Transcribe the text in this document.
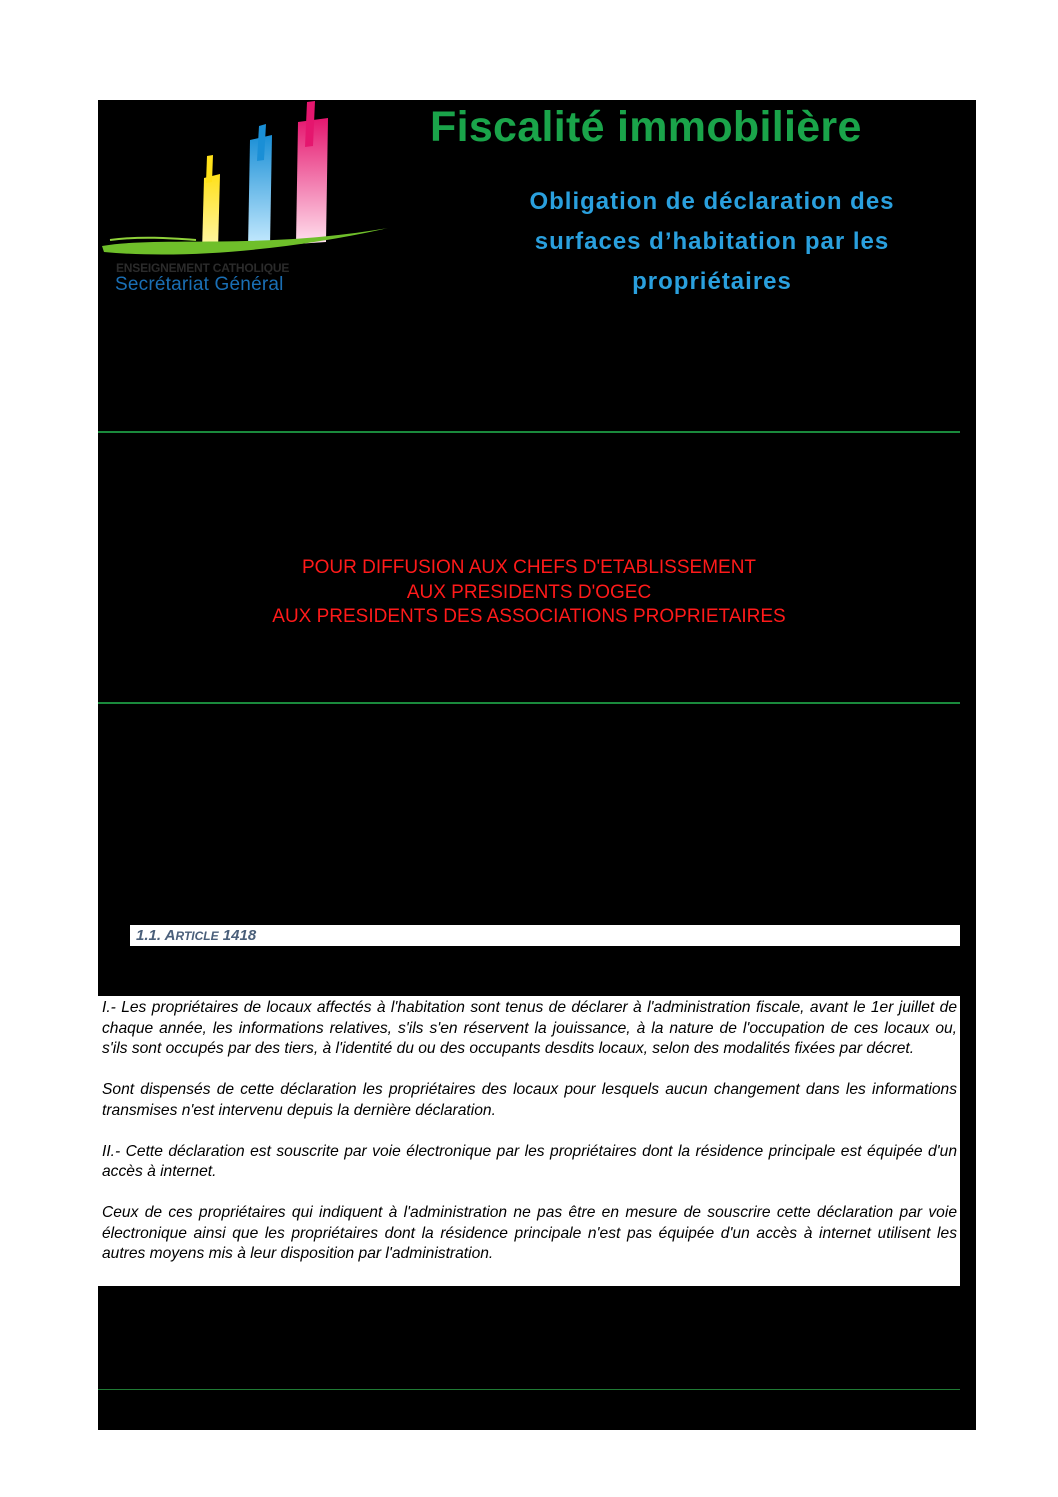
ENSEIGNEMENT CATHOLIQUE
Secrétariat Général
Fiscalité immobilière
Obligation de déclaration des
surfaces d’habitation par les
propriétaires
POUR DIFFUSION AUX CHEFS D'ETABLISSEMENT
AUX PRESIDENTS D'OGEC
AUX PRESIDENTS DES ASSOCIATIONS PROPRIETAIRES
1.1. ARTICLE 1418

I.- Les propriétaires de locaux affectés à l'habitation sont tenus de déclarer à l'administration fiscale, avant le 1er juillet de chaque année, les informations relatives, s'ils s'en réservent la jouissance, à la nature de l'occupation de ces locaux ou, s'ils sont occupés par des tiers, à l'identité du ou des occupants desdits locaux, selon des modalités fixées par décret.

Sont dispensés de cette déclaration les propriétaires des locaux pour lesquels aucun changement dans les informations transmises n'est intervenu depuis la dernière déclaration.

II.- Cette déclaration est souscrite par voie électronique par les propriétaires dont la résidence principale est équipée d'un accès à internet.

Ceux de ces propriétaires qui indiquent à l'administration ne pas être en mesure de souscrire cette déclaration par voie électronique ainsi que les propriétaires dont la résidence principale n'est pas équipée d'un accès à internet utilisent les autres moyens mis à leur disposition par l'administration.
